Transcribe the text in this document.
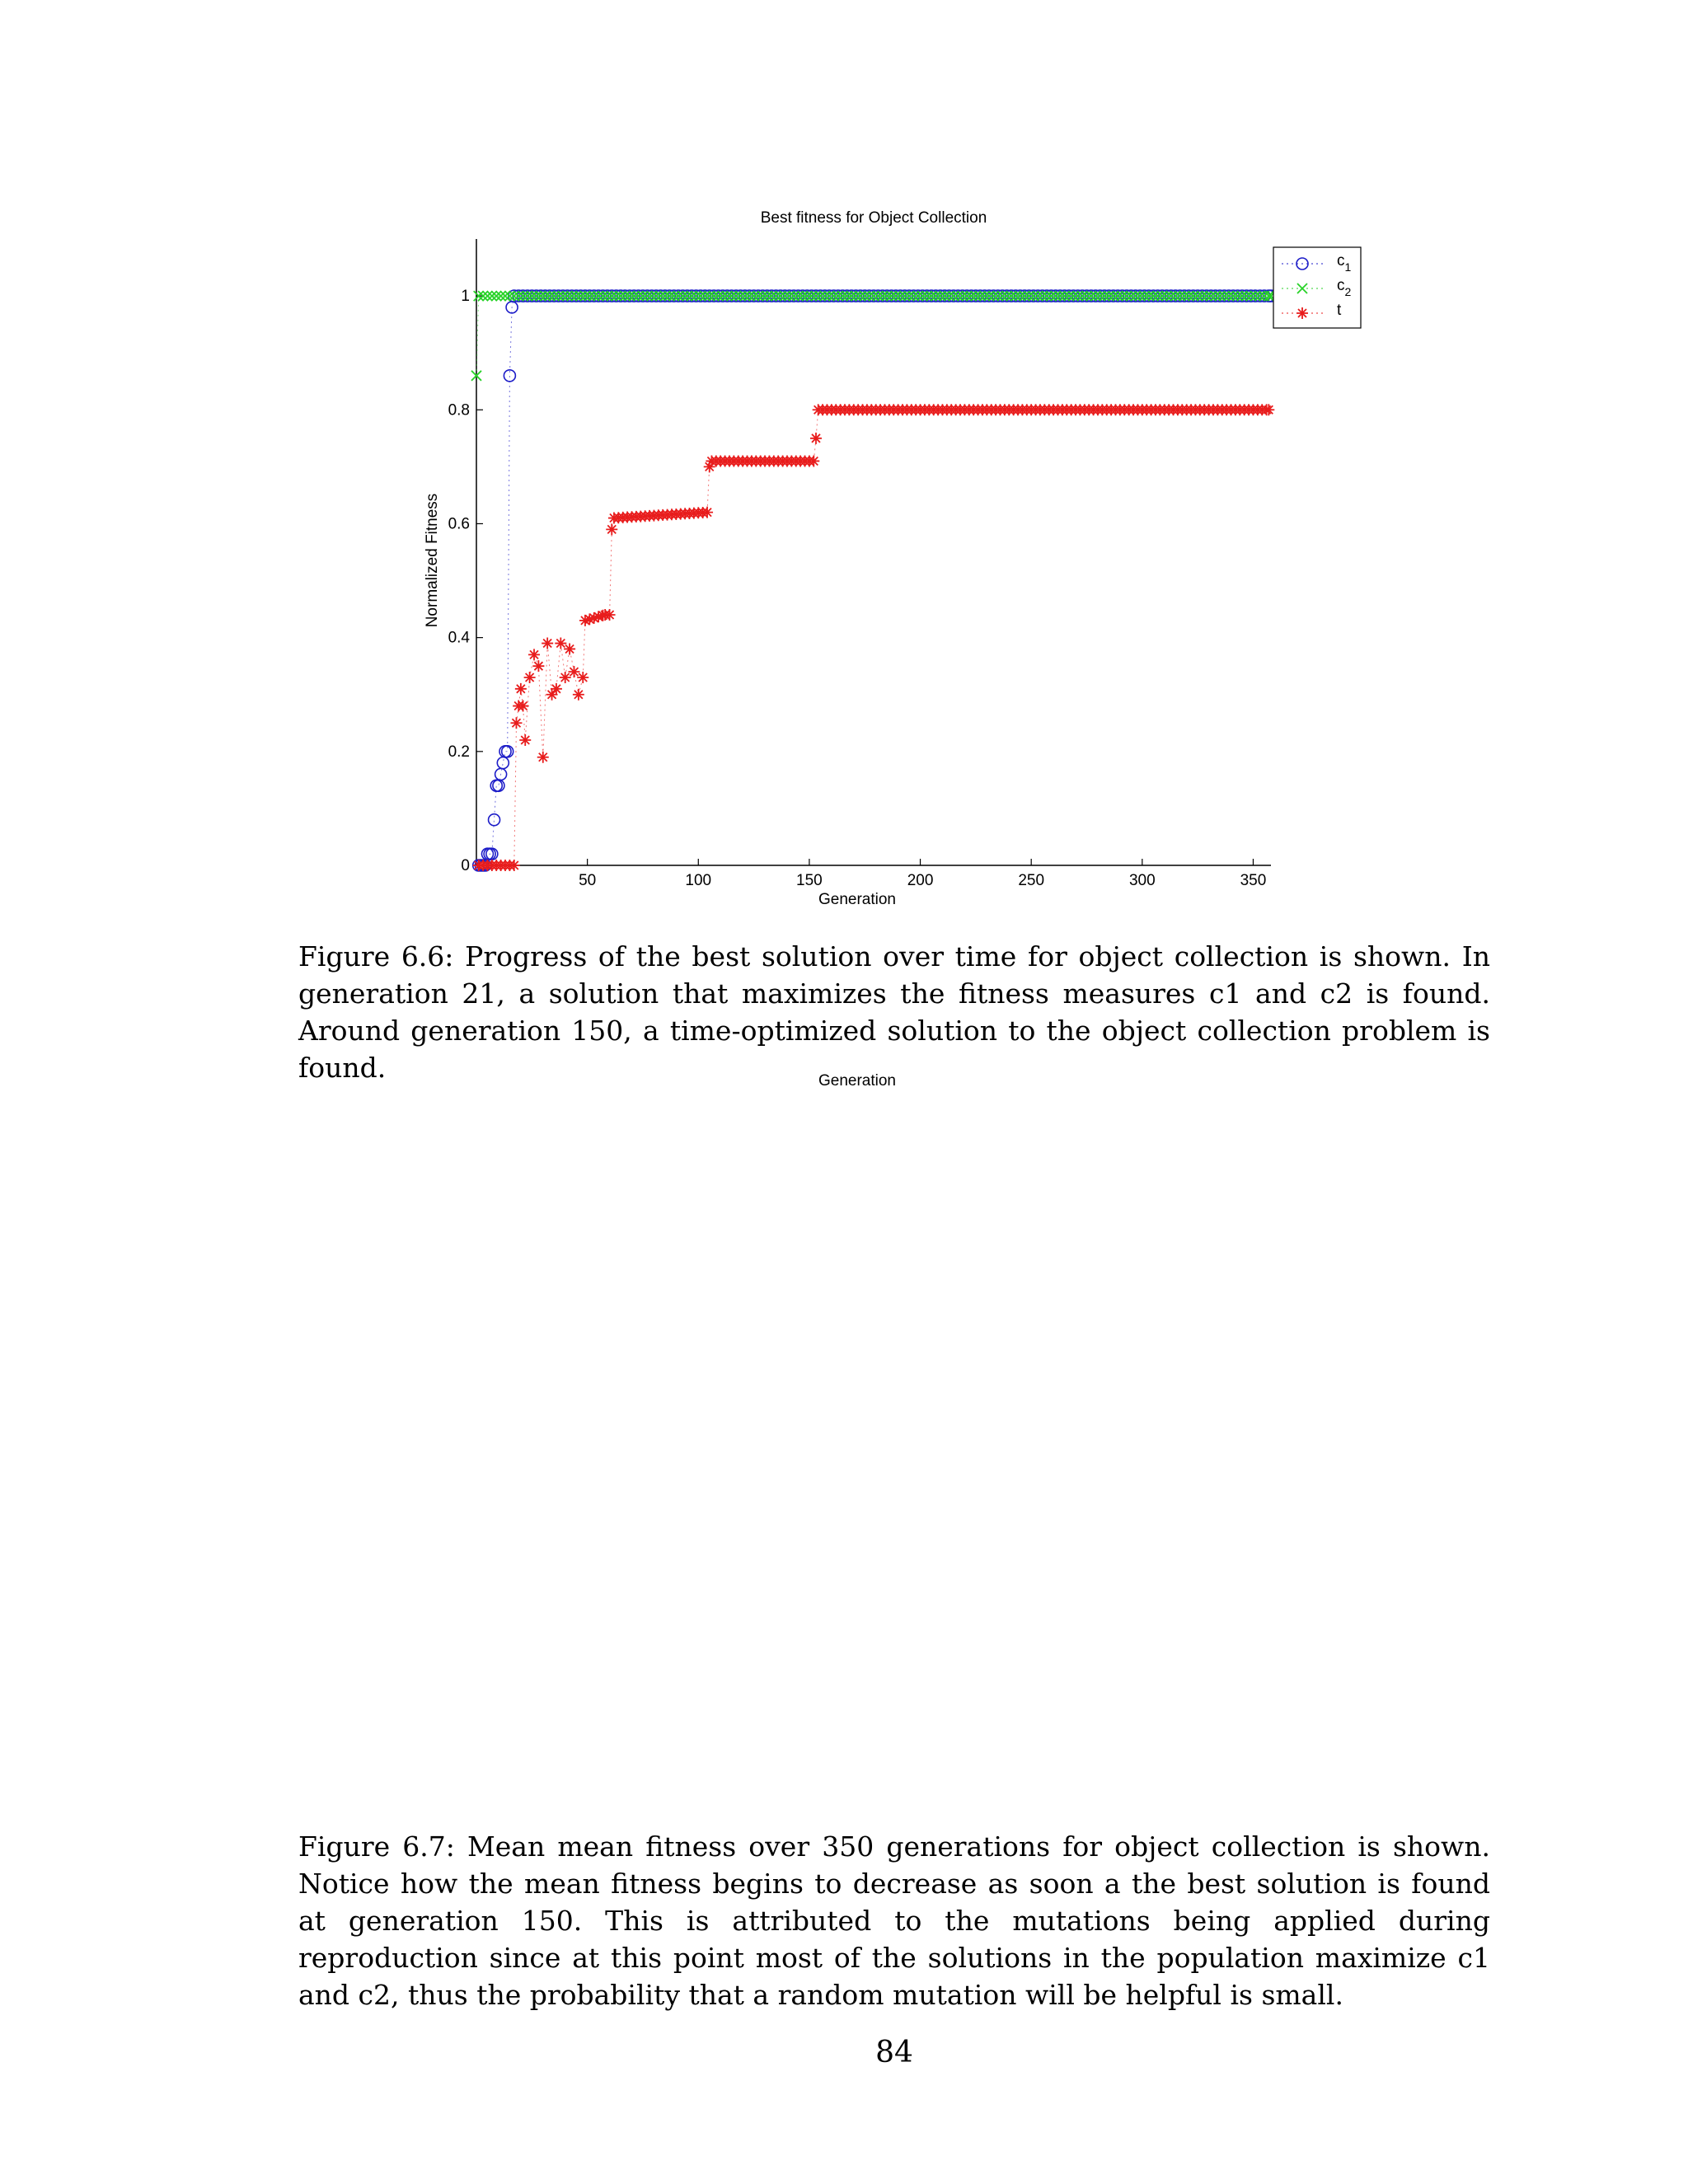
Best fitness for Object Collection
50	100	150	200	250	300	350
0
0.2
0.4
0.6
0.8
1
Generation
Normalized Fitness
$c_1$
$c_2$
t

Figure 6.6: Progress of the best solution over time for object collection is shown. In generation 21, a solution that maximizes the fitness measures c1 and c2 is found. Around generation 150, a time-optimized solution to the object collection problem is found.	Generation

Figure 6.7: Mean mean fitness over 350 generations for object collection is shown. Notice how the mean fitness begins to decrease as soon a the best solution is found at generation 150. This is attributed to the mutations being applied during reproduction since at this point most of the solutions in the population maximize c1 and c2, thus the probability that a random mutation will be helpful is small.

84
